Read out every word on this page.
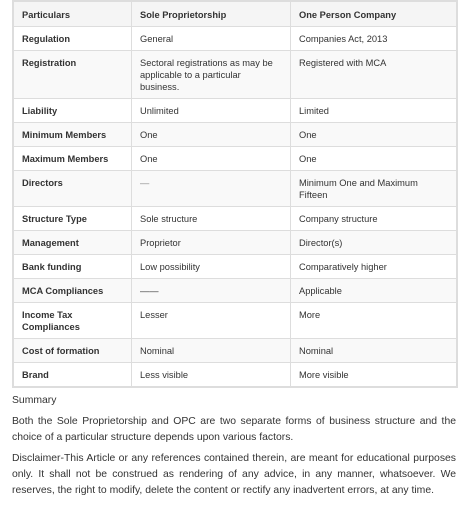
Particulars	Sole Proprietorship	One Person Company
Regulation	General	Companies Act, 2013
Registration	Sectoral registrations as may be applicable to a particular business.	Registered with MCA
Liability	Unlimited	Limited
Minimum Members	One	One
Maximum Members	One	One
Directors	—	Minimum One and Maximum Fifteen
Structure Type	Sole structure	Company structure
Management	Proprietor	Director(s)
Bank funding	Low possibility	Comparatively higher
MCA Compliances	——	Applicable
Income Tax Compliances	Lesser	More
Cost of formation	Nominal	Nominal
Brand	Less visible	More visible

Summary

Both the Sole Proprietorship and OPC are two separate forms of business structure and the choice of a particular structure depends upon various factors.

Disclaimer-This Article or any references contained therein, are meant for educational purposes only. It shall not be construed as rendering of any advice, in any manner, whatsoever. We reserves, the right to modify, delete the content or rectify any inadvertent errors, at any time.
